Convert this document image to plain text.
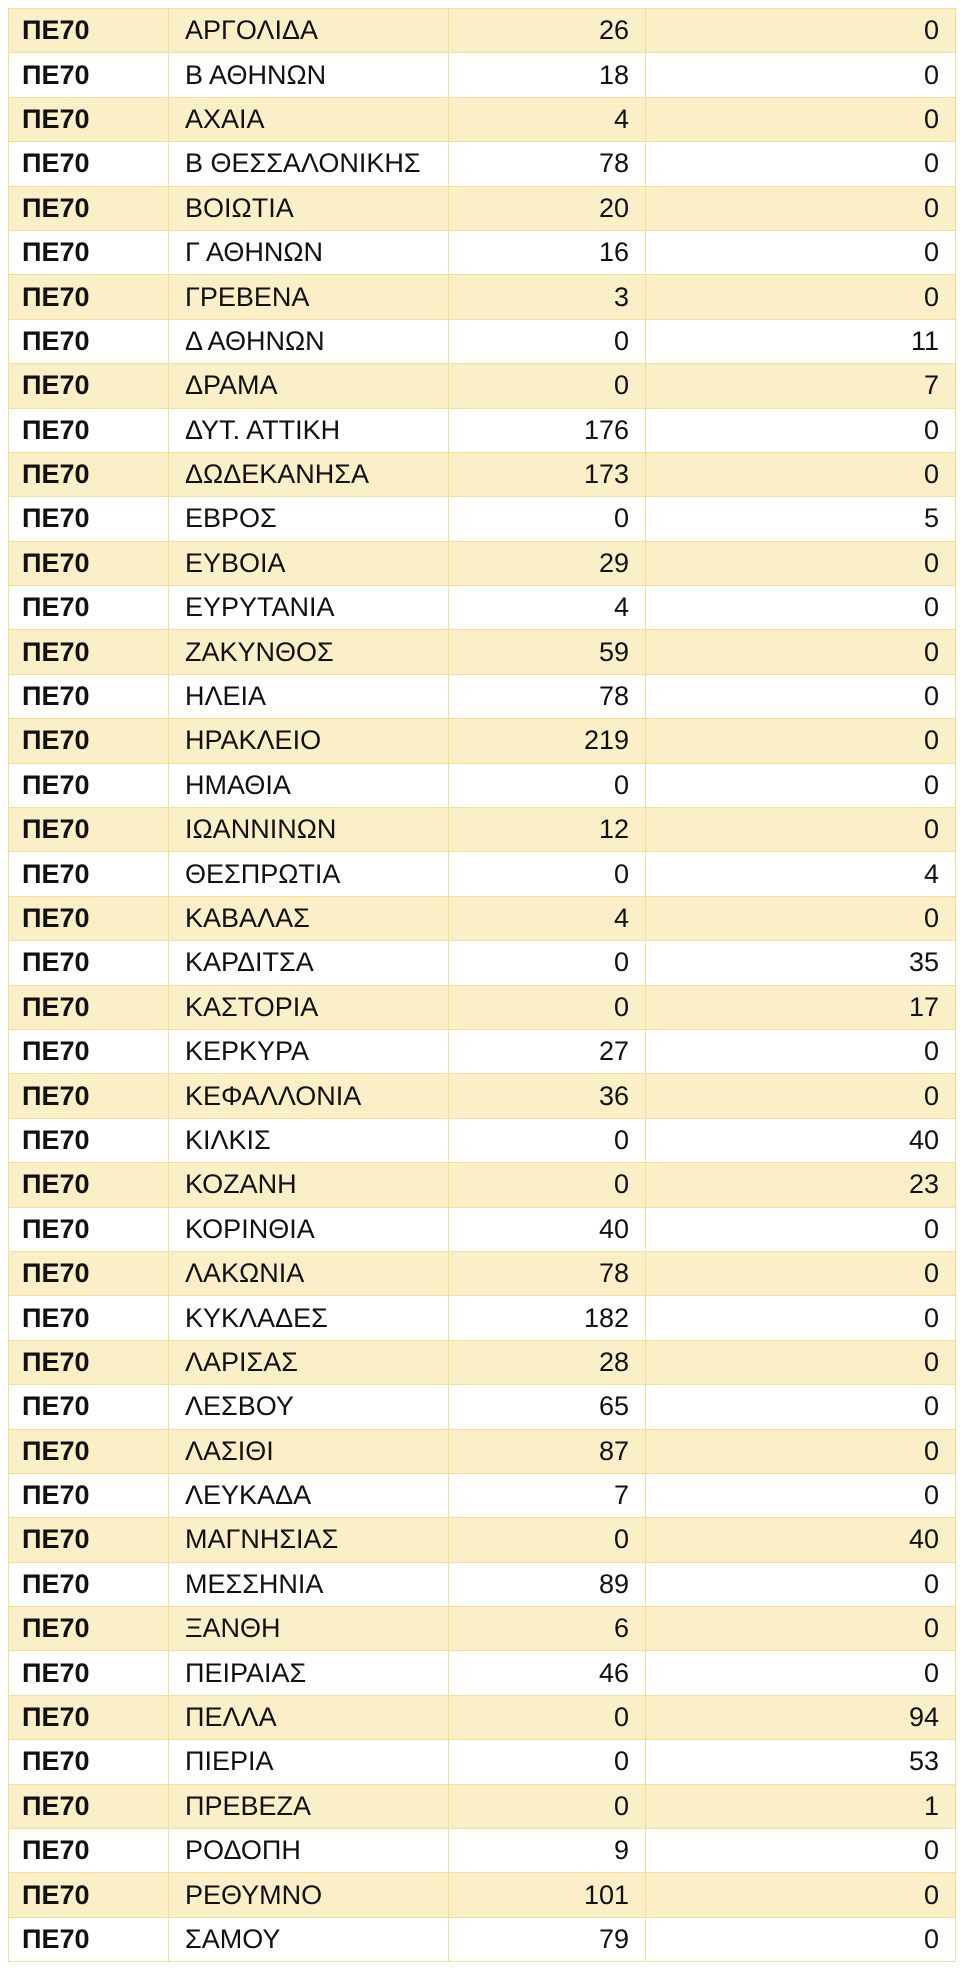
ΠΕ70	ΑΡΓΟΛΙΔΑ	26	0
ΠΕ70	Β ΑΘΗΝΩΝ	18	0
ΠΕ70	ΑΧΑΙΑ	4	0
ΠΕ70	Β ΘΕΣΣΑΛΟΝΙΚΗΣ	78	0
ΠΕ70	ΒΟΙΩΤΙΑ	20	0
ΠΕ70	Γ ΑΘΗΝΩΝ	16	0
ΠΕ70	ΓΡΕΒΕΝΑ	3	0
ΠΕ70	Δ ΑΘΗΝΩΝ	0	11
ΠΕ70	ΔΡΑΜΑ	0	7
ΠΕ70	ΔΥΤ. ΑΤΤΙΚΗ	176	0
ΠΕ70	ΔΩΔΕΚΑΝΗΣΑ	173	0
ΠΕ70	ΕΒΡΟΣ	0	5
ΠΕ70	ΕΥΒΟΙΑ	29	0
ΠΕ70	ΕΥΡΥΤΑΝΙΑ	4	0
ΠΕ70	ΖΑΚΥΝΘΟΣ	59	0
ΠΕ70	ΗΛΕΙΑ	78	0
ΠΕ70	ΗΡΑΚΛΕΙΟ	219	0
ΠΕ70	ΗΜΑΘΙΑ	0	0
ΠΕ70	ΙΩΑΝΝΙΝΩΝ	12	0
ΠΕ70	ΘΕΣΠΡΩΤΙΑ	0	4
ΠΕ70	ΚΑΒΑΛΑΣ	4	0
ΠΕ70	ΚΑΡΔΙΤΣΑ	0	35
ΠΕ70	ΚΑΣΤΟΡΙΑ	0	17
ΠΕ70	ΚΕΡΚΥΡΑ	27	0
ΠΕ70	ΚΕΦΑΛΛΟΝΙΑ	36	0
ΠΕ70	ΚΙΛΚΙΣ	0	40
ΠΕ70	ΚΟΖΑΝΗ	0	23
ΠΕ70	ΚΟΡΙΝΘΙΑ	40	0
ΠΕ70	ΛΑΚΩΝΙΑ	78	0
ΠΕ70	ΚΥΚΛΑΔΕΣ	182	0
ΠΕ70	ΛΑΡΙΣΑΣ	28	0
ΠΕ70	ΛΕΣΒΟΥ	65	0
ΠΕ70	ΛΑΣΙΘΙ	87	0
ΠΕ70	ΛΕΥΚΑΔΑ	7	0
ΠΕ70	ΜΑΓΝΗΣΙΑΣ	0	40
ΠΕ70	ΜΕΣΣΗΝΙΑ	89	0
ΠΕ70	ΞΑΝΘΗ	6	0
ΠΕ70	ΠΕΙΡΑΙΑΣ	46	0
ΠΕ70	ΠΕΛΛΑ	0	94
ΠΕ70	ΠΙΕΡΙΑ	0	53
ΠΕ70	ΠΡΕΒΕΖΑ	0	1
ΠΕ70	ΡΟΔΟΠΗ	9	0
ΠΕ70	ΡΕΘΥΜΝΟ	101	0
ΠΕ70	ΣΑΜΟΥ	79	0
